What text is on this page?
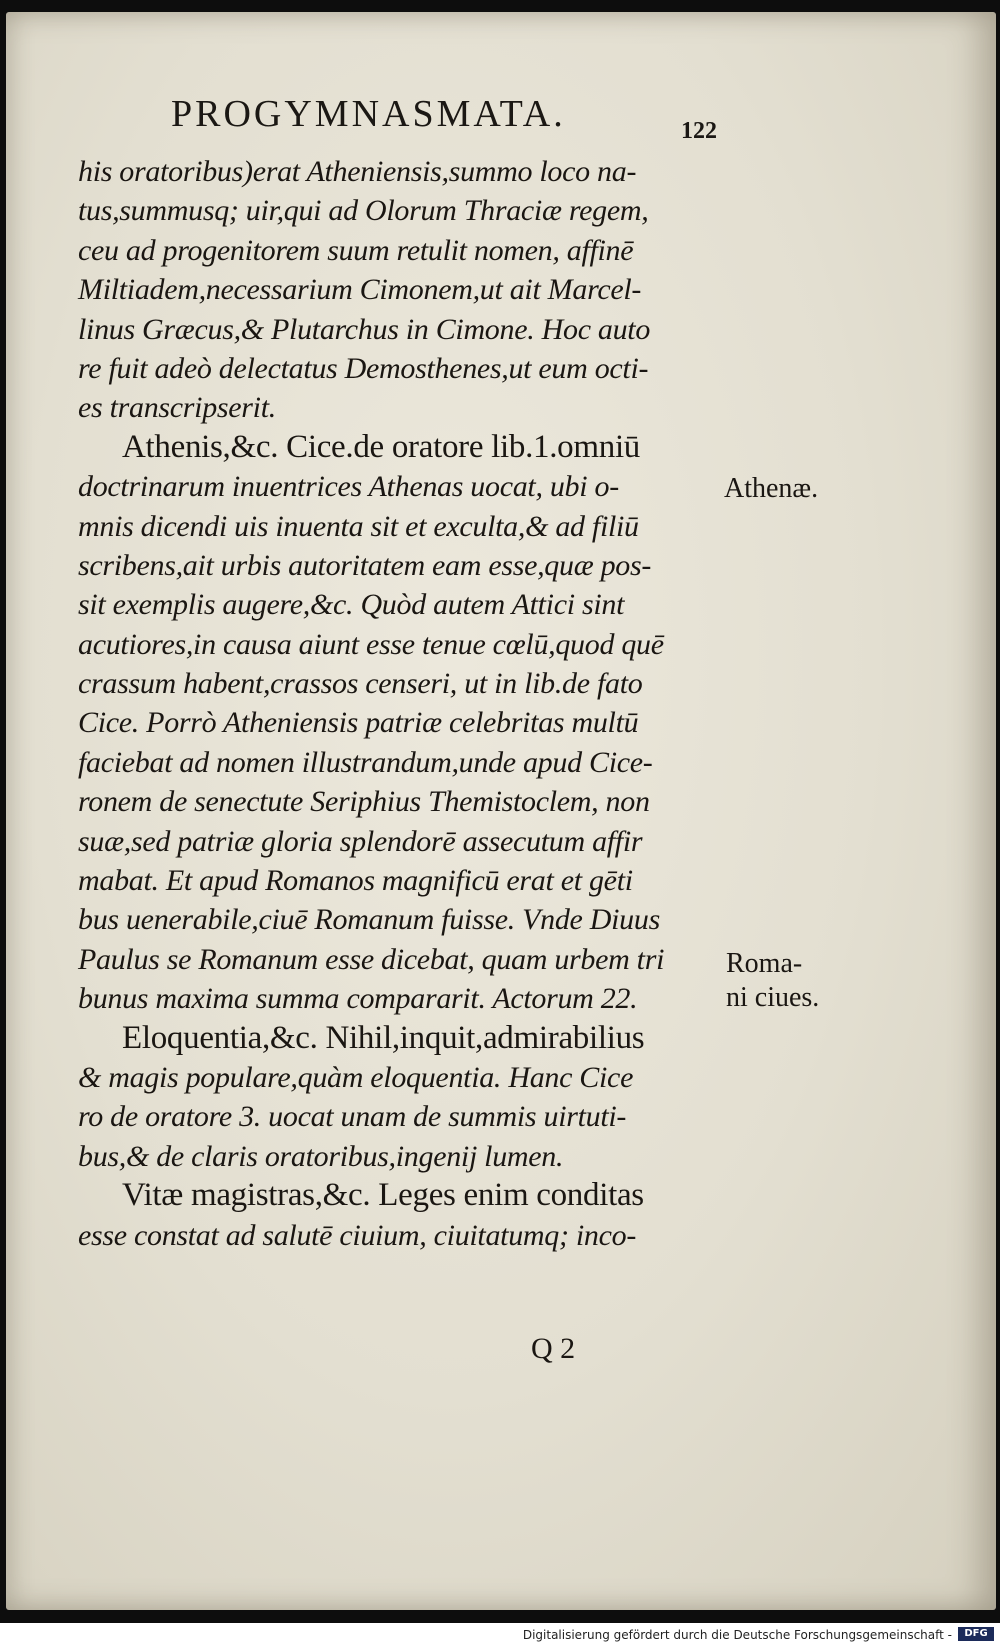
PROGYMNASMATA.	122
his oratoribus)erat Atheniensis,summo loco na-
tus,summusq; uir,qui ad Olorum Thraciæ regem,
ceu ad progenitorem suum retulit nomen, affinē
Miltiadem,necessarium Cimonem,ut ait Marcel-
linus Græcus,& Plutarchus in Cimone. Hoc auto
re fuit adeò delectatus Demosthenes,ut eum octi-
es transcripserit.
Athenis,&c. Cice.de oratore lib.1.omniū
doctrinarum inuentrices Athenas uocat, ubi o-
mnis dicendi uis inuenta sit et exculta,& ad filiū
scribens,ait urbis autoritatem eam esse,quæ pos-
sit exemplis augere,&c. Quòd autem Attici sint
acutiores,in causa aiunt esse tenue cœlū,quod quē
crassum habent,crassos censeri, ut in lib.de fato
Cice. Porrò Atheniensis patriæ celebritas multū
faciebat ad nomen illustrandum,unde apud Cice-
ronem de senectute Seriphius Themistoclem, non
suæ,sed patriæ gloria splendorē assecutum affir
mabat. Et apud Romanos magnificū erat et gēti
bus uenerabile,ciuē Romanum fuisse. Vnde Diuus
Paulus se Romanum esse dicebat, quam urbem tri
bunus maxima summa compararit. Actorum 22.
Eloquentia,&c. Nihil,inquit,admirabilius
& magis populare,quàm eloquentia. Hanc Cice
ro de oratore 3. uocat unam de summis uirtuti-
bus,& de claris oratoribus,ingenij lumen.
Vitæ magistras,&c. Leges enim conditas
esse constat ad salutē ciuium, ciuitatumq; inco-
Athenæ.
Roma-
ni ciues.
Q 2
Digitalisierung gefördert durch die Deutsche Forschungsgemeinschaft -	DFG
